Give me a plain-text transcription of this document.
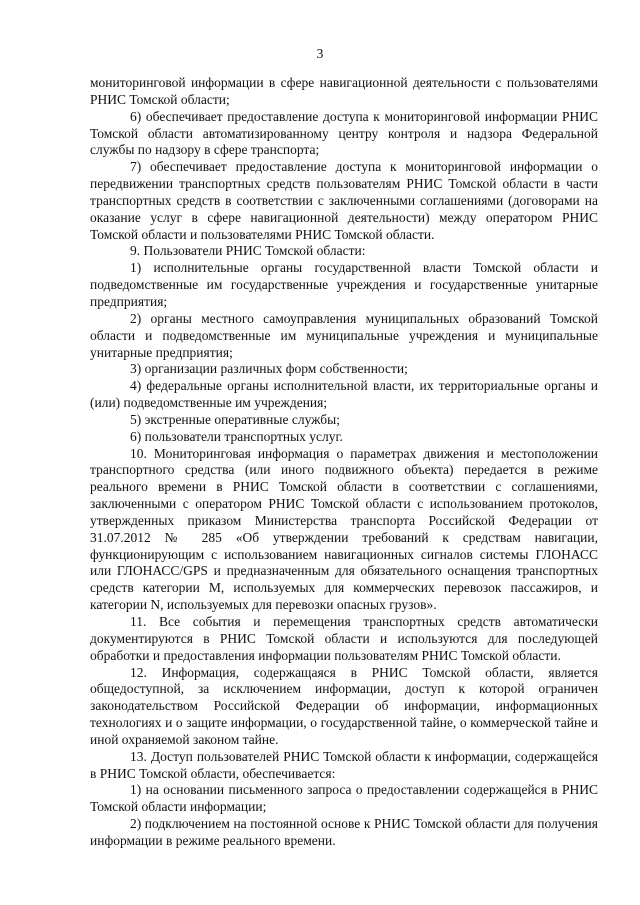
3

мониторинговой информации в сфере навигационной деятельности с пользователями РНИС Томской области;

6) обеспечивает предоставление доступа к мониторинговой информации РНИС Томской области автоматизированному центру контроля и надзора Федеральной службы по надзору в сфере транспорта;

7) обеспечивает предоставление доступа к мониторинговой информации о передвижении транспортных средств пользователям РНИС Томской области в части транспортных средств в соответствии с заключенными соглашениями (договорами на оказание услуг в сфере навигационной деятельности) между оператором РНИС Томской области и пользователями РНИС Томской области.

9. Пользователи РНИС Томской области:

1) исполнительные органы государственной власти Томской области и подведомственные им государственные учреждения и государственные унитарные предприятия;

2) органы местного самоуправления муниципальных образований Томской области и подведомственные им муниципальные учреждения и муниципальные унитарные предприятия;

3) организации различных форм собственности;

4) федеральные органы исполнительной власти, их территориальные органы и (или) подведомственные им учреждения;

5) экстренные оперативные службы;

6) пользователи транспортных услуг.

10. Мониторинговая информация о параметрах движения и местоположении транспортного средства (или иного подвижного объекта) передается в режиме реального времени в РНИС Томской области в соответствии с соглашениями, заключенными с оператором РНИС Томской области с использованием протоколов, утвержденных приказом Министерства транспорта Российской Федерации от 31.07.2012 № 285 «Об утверждении требований к средствам навигации, функционирующим с использованием навигационных сигналов системы ГЛОНАСС или ГЛОНАСС/GPS и предназначенным для обязательного оснащения транспортных средств категории M, используемых для коммерческих перевозок пассажиров, и категории N, используемых для перевозки опасных грузов».

11. Все события и перемещения транспортных средств автоматически документируются в РНИС Томской области и используются для последующей обработки и предоставления информации пользователям РНИС Томской области.

12. Информация, содержащаяся в РНИС Томской области, является общедоступной, за исключением информации, доступ к которой ограничен законодательством Российской Федерации об информации, информационных технологиях и о защите информации, о государственной тайне, о коммерческой тайне и иной охраняемой законом тайне.

13. Доступ пользователей РНИС Томской области к информации, содержащейся в РНИС Томской области, обеспечивается:

1) на основании письменного запроса о предоставлении содержащейся в РНИС Томской области информации;

2) подключением на постоянной основе к РНИС Томской области для получения информации в режиме реального времени.
